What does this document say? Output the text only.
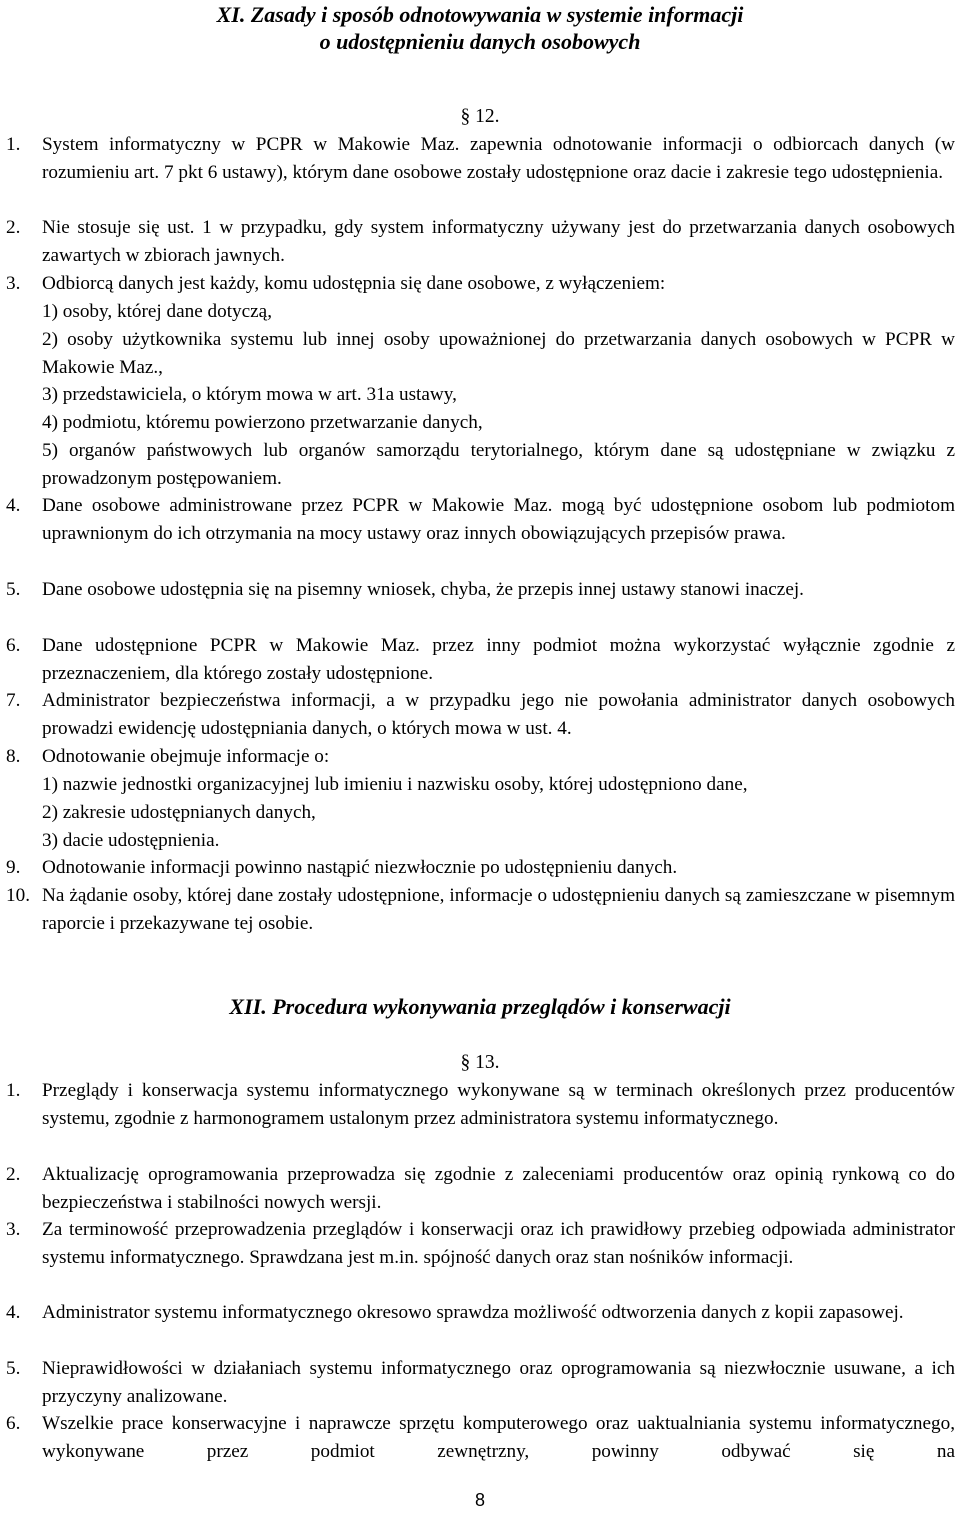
XI. Zasady i sposób odnotowywania w systemie informacji
o udostępnieniu danych osobowych
§ 12.
1. System informatyczny w PCPR w Makowie Maz. zapewnia odnotowanie informacji o odbiorcach danych (w rozumieniu art. 7 pkt 6 ustawy), którym dane osobowe zostały udostępnione oraz dacie i zakresie tego udostępnienia.
2. Nie stosuje się ust. 1 w przypadku, gdy system informatyczny używany jest do przetwarzania danych osobowych zawartych w zbiorach jawnych.
3. Odbiorcą danych jest każdy, komu udostępnia się dane osobowe, z wyłączeniem:
1) osoby, której dane dotyczą,
2) osoby użytkownika systemu lub innej osoby upoważnionej do przetwarzania danych osobowych w PCPR w Makowie Maz.,
3) przedstawiciela, o którym mowa w art. 31a ustawy,
4) podmiotu, któremu powierzono przetwarzanie danych,
5) organów państwowych lub organów samorządu terytorialnego, którym dane są udostępniane w związku z prowadzonym postępowaniem.
4. Dane osobowe administrowane przez PCPR w Makowie Maz. mogą być udostępnione osobom lub podmiotom uprawnionym do ich otrzymania na mocy ustawy oraz innych obowiązujących przepisów prawa.
5. Dane osobowe udostępnia się na pisemny wniosek, chyba, że przepis innej ustawy stanowi inaczej.
6. Dane udostępnione PCPR w Makowie Maz. przez inny podmiot można wykorzystać wyłącznie zgodnie z przeznaczeniem, dla którego zostały udostępnione.
7. Administrator bezpieczeństwa informacji, a w przypadku jego nie powołania administrator danych osobowych prowadzi ewidencję udostępniania danych, o których mowa w ust. 4.
8. Odnotowanie obejmuje informacje o:
1) nazwie jednostki organizacyjnej lub imieniu i nazwisku osoby, której udostępniono dane,
2) zakresie udostępnianych danych,
3) dacie udostępnienia.
9. Odnotowanie informacji powinno nastąpić niezwłocznie po udostępnieniu danych.
10. Na żądanie osoby, której dane zostały udostępnione, informacje o udostępnieniu danych są zamieszczane w pisemnym raporcie i przekazywane tej osobie.
XII. Procedura wykonywania przeglądów i konserwacji
§ 13.
1. Przeglądy i konserwacja systemu informatycznego wykonywane są w terminach określonych przez producentów systemu, zgodnie z harmonogramem ustalonym przez administratora systemu informatycznego.
2. Aktualizację oprogramowania przeprowadza się zgodnie z zaleceniami producentów oraz opinią rynkową co do bezpieczeństwa i stabilności nowych wersji.
3. Za terminowość przeprowadzenia przeglądów i konserwacji oraz ich prawidłowy przebieg odpowiada administrator systemu informatycznego. Sprawdzana jest m.in. spójność danych oraz stan nośników informacji.
4. Administrator systemu informatycznego okresowo sprawdza możliwość odtworzenia danych z kopii zapasowej.
5. Nieprawidłowości w działaniach systemu informatycznego oraz oprogramowania są niezwłocznie usuwane, a ich przyczyny analizowane.
6. Wszelkie prace konserwacyjne i naprawcze sprzętu komputerowego oraz uaktualniania systemu informatycznego, wykonywane przez podmiot zewnętrzny, powinny odbywać się na
8
